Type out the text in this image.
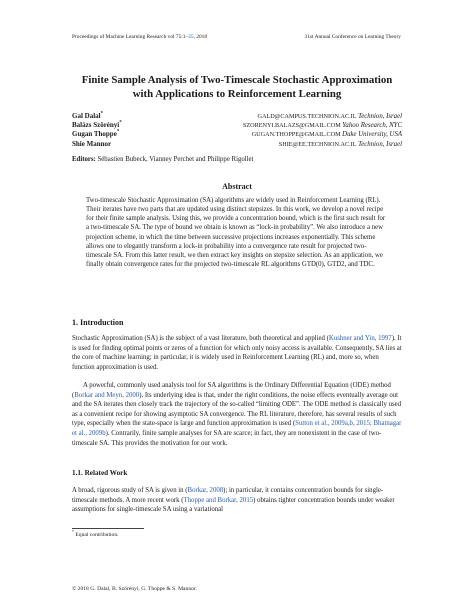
Proceedings of Machine Learning Research vol 75:1–35, 2018	31st Annual Conference on Learning Theory
Finite Sample Analysis of Two-Timescale Stochastic Approximation
with Applications to Reinforcement Learning
Gal Dalal*	GALD@CAMPUS.TECHNION.AC.IL Technion, Israel
Balázs Szörényi*	SZORENYI.BALAZS@GMAIL.COM Yahoo Research, NYC
Gugan Thoppe*	GUGAN.THOPPE@GMAIL.COM Duke University, USA
Shie Mannor	SHIE@EE.TECHNION.AC.IL Technion, Israel
Editors: Sébastien Bubeck, Vianney Perchet and Philippe Rigollet
Abstract
Two-timescale Stochastic Approximation (SA) algorithms are widely used in Reinforcement Learning (RL). Their iterates have two parts that are updated using distinct stepsizes. In this work, we develop a novel recipe for their finite sample analysis. Using this, we provide a concentration bound, which is the first such result for a two-timescale SA. The type of bound we obtain is known as “lock-in probability”. We also introduce a new projection scheme, in which the time between successive projections increases exponentially. This scheme allows one to elegantly transform a lock-in probability into a convergence rate result for projected two-timescale SA. From this latter result, we then extract key insights on stepsize selection. As an application, we finally obtain convergence rates for the projected two-timescale RL algorithms GTD(0), GTD2, and TDC.
1. Introduction
Stochastic Approximation (SA) is the subject of a vast literature, both theoretical and applied (Kushner and Yin, 1997). It is used for finding optimal points or zeros of a function for which only noisy access is available. Consequently, SA lies at the core of machine learning; in particular, it is widely used in Reinforcement Learning (RL) and, more so, when function approximation is used.
A powerful, commonly used analysis tool for SA algorithms is the Ordinary Differential Equation (ODE) method (Borkar and Meyn, 2000). Its underlying idea is that, under the right conditions, the noise effects eventually average out and the SA iterates then closely track the trajectory of the so-called “limiting ODE”. The ODE method is classically used as a convenient recipe for showing asymptotic SA convergence. The RL literature, therefore, has several results of such type, especially when the state-space is large and function approximation is used (Sutton et al., 2009a,b, 2015; Bhatnagar et al., 2009b). Contrarily, finite sample analyses for SA are scarce; in fact, they are nonexistent in the case of two-timescale SA. This provides the motivation for our work.
1.1. Related Work
A broad, rigorous study of SA is given in (Borkar, 2008); in particular, it contains concentration bounds for single-timescale methods. A more recent work (Thoppe and Borkar, 2015) obtains tighter concentration bounds under weaker assumptions for single-timescale SA using a variational
* Equal contribution.
© 2018 G. Dalal, B. Szörényi, G. Thoppe & S. Mannor.
